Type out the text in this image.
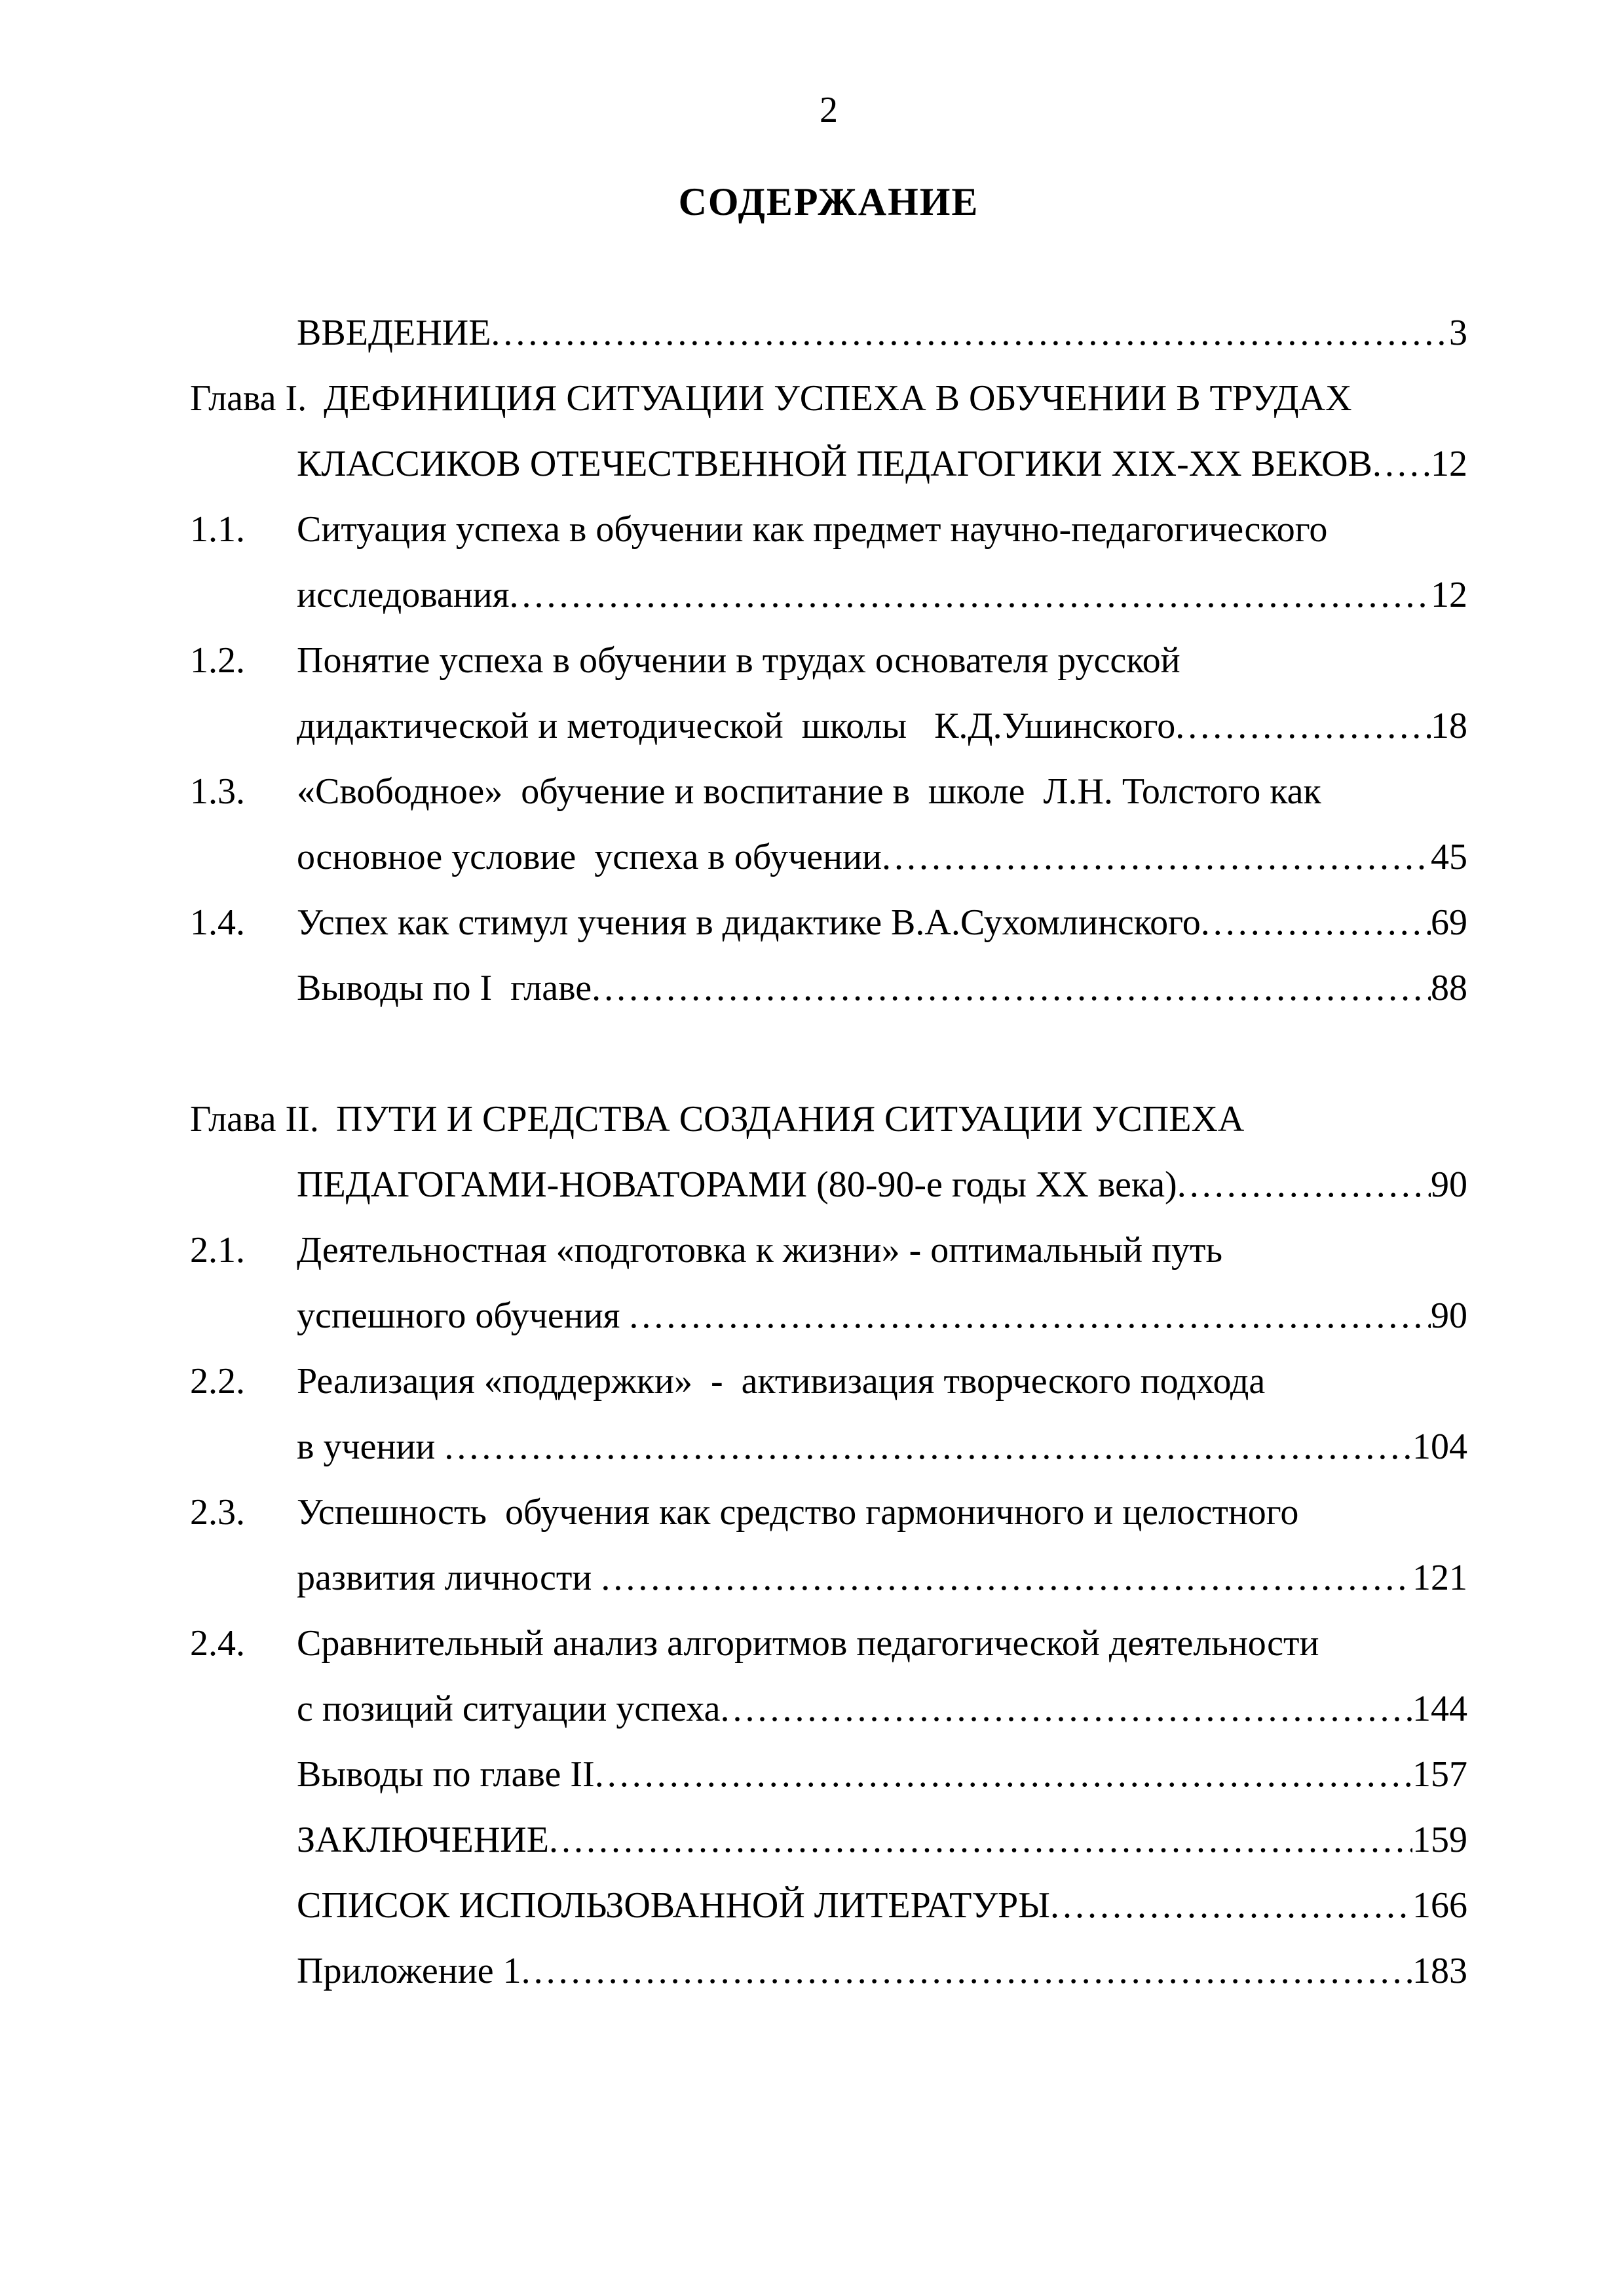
2
СОДЕРЖАНИЕ
ВВЕДЕНИЕ .....	3
Глава I. ДЕФИНИЦИЯ СИТУАЦИИ УСПЕХА В ОБУЧЕНИИ В ТРУДАХ
КЛАССИКОВ ОТЕЧЕСТВЕННОЙ ПЕДАГОГИКИ XIX-XX ВЕКОВ ..... 12
1.1.	Ситуация успеха в обучении как предмет научно-педагогического
исследования .....	12
1.2.	Понятие успеха в обучении в трудах основателя русской
дидактической и методической  школы   К.Д.Ушинского .....	18
1.3.	«Свободное»  обучение и воспитание в  школе  Л.Н. Толстого как
основное условие  успеха в обучении .....	45
1.4.	Успех как стимул учения в дидактике В.А.Сухомлинского .....	69
Выводы по I  главе .....	88
Глава II. ПУТИ И СРЕДСТВА СОЗДАНИЯ СИТУАЦИИ УСПЕХА
ПЕДАГОГАМИ-НОВАТОРАМИ (80-90-е годы XX века) .....	90
2.1.	Деятельностная «подготовка к жизни» - оптимальный путь
успешного обучения .....	90
2.2.	Реализация «поддержки»  -  активизация творческого подхода
в учении .....	104
2.3.	Успешность  обучения как средство гармоничного и целостного
развития личности .....	121
2.4.	Сравнительный анализ алгоритмов педагогической деятельности
с позиций ситуации успеха .....	144
Выводы по главе II .....	157
ЗАКЛЮЧЕНИЕ .....	159
СПИСОК ИСПОЛЬЗОВАННОЙ ЛИТЕРАТУРЫ .....	166
Приложение 1 .....	183
